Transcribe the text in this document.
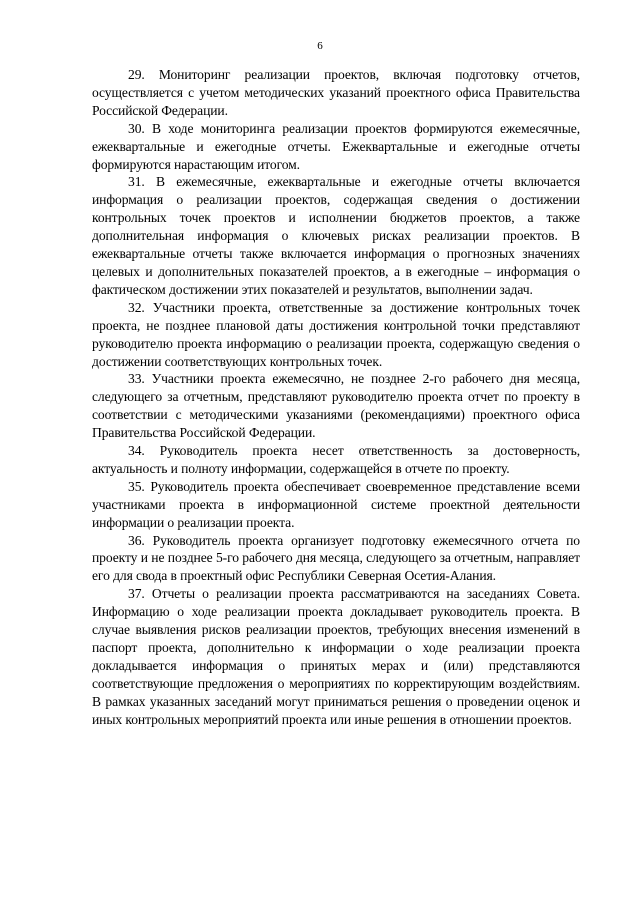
6

29. Мониторинг реализации проектов, включая подготовку отчетов, осуществляется с учетом методических указаний проектного офиса Правительства Российской Федерации.

30. В ходе мониторинга реализации проектов формируются ежемесячные, ежеквартальные и ежегодные отчеты. Ежеквартальные и ежегодные отчеты формируются нарастающим итогом.

31. В ежемесячные, ежеквартальные и ежегодные отчеты включается информация о реализации проектов, содержащая сведения о достижении контрольных точек проектов и исполнении бюджетов проектов, а также дополнительная информация о ключевых рисках реализации проектов. В ежеквартальные отчеты также включается информация о прогнозных значениях целевых и дополнительных показателей проектов, а в ежегодные – информация о фактическом достижении этих показателей и результатов, выполнении задач.

32. Участники проекта, ответственные за достижение контрольных точек проекта, не позднее плановой даты достижения контрольной точки представляют руководителю проекта информацию о реализации проекта, содержащую сведения о достижении соответствующих контрольных точек.

33. Участники проекта ежемесячно, не позднее 2-го рабочего дня месяца, следующего за отчетным, представляют руководителю проекта отчет по проекту в соответствии с методическими указаниями (рекомендациями) проектного офиса Правительства Российской Федерации.

34. Руководитель проекта несет ответственность за достоверность, актуальность и полноту информации, содержащейся в отчете по проекту.

35. Руководитель проекта обеспечивает своевременное представление всеми участниками проекта в информационной системе проектной деятельности информации о реализации проекта.

36. Руководитель проекта организует подготовку ежемесячного отчета по проекту и не позднее 5-го рабочего дня месяца, следующего за отчетным, направляет его для свода в проектный офис Республики Северная Осетия-Алания.

37. Отчеты о реализации проекта рассматриваются на заседаниях Совета. Информацию о ходе реализации проекта докладывает руководитель проекта. В случае выявления рисков реализации проектов, требующих внесения изменений в паспорт проекта, дополнительно к информации о ходе реализации проекта докладывается информация о принятых мерах и (или) представляются соответствующие предложения о мероприятиях по корректирующим воздействиям. В рамках указанных заседаний могут приниматься решения о проведении оценок и иных контрольных мероприятий проекта или иные решения в отношении проектов.
